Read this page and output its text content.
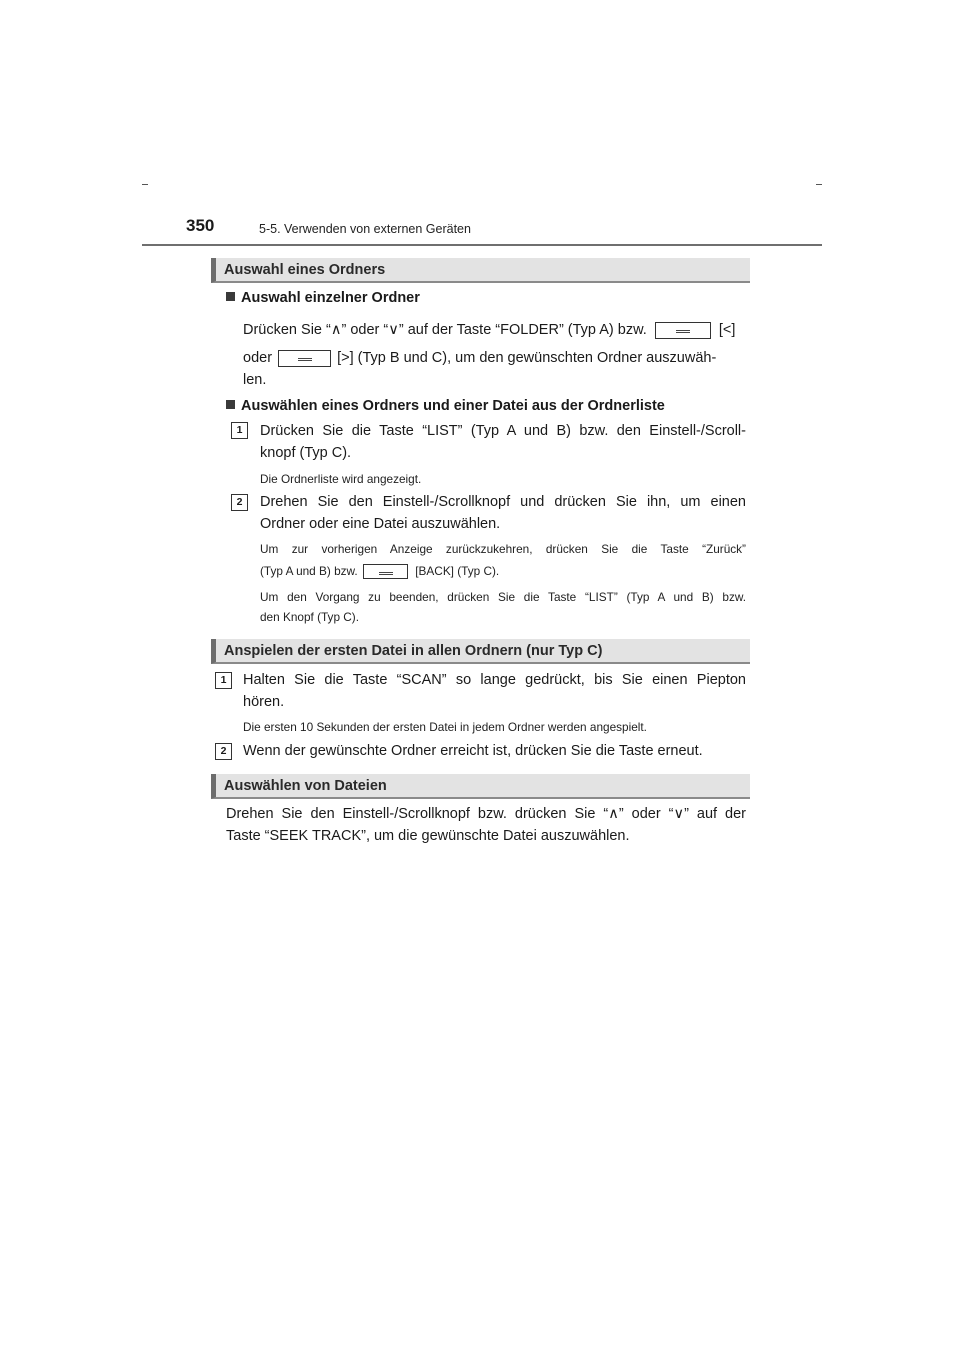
350	5-5. Verwenden von externen Geräten
Auswahl eines Ordners
Auswahl einzelner Ordner
Drücken Sie “∧” oder “∨” auf der Taste “FOLDER” (Typ A) bzw.	[<]
oder	[>] (Typ B und C), um den gewünschten Ordner auszuwäh-
len.
Auswählen eines Ordners und einer Datei aus der Ordnerliste
1	Drücken Sie die Taste “LIST” (Typ A und B) bzw. den Einstell-/Scroll-
knopf (Typ C).
Die Ordnerliste wird angezeigt.
2	Drehen Sie den Einstell-/Scrollknopf und drücken Sie ihn, um einen
Ordner oder eine Datei auszuwählen.
Um zur vorherigen Anzeige zurückzukehren, drücken Sie die Taste “Zurück”
(Typ A und B) bzw.	[BACK] (Typ C).
Um den Vorgang zu beenden, drücken Sie die Taste “LIST” (Typ A und B) bzw.
den Knopf (Typ C).
Anspielen der ersten Datei in allen Ordnern (nur Typ C)
1	Halten Sie die Taste “SCAN” so lange gedrückt, bis Sie einen Piepton
hören.
Die ersten 10 Sekunden der ersten Datei in jedem Ordner werden angespielt.
2	Wenn der gewünschte Ordner erreicht ist, drücken Sie die Taste erneut.
Auswählen von Dateien
Drehen Sie den Einstell-/Scrollknopf bzw. drücken Sie “∧” oder “∨” auf der
Taste “SEEK TRACK”, um die gewünschte Datei auszuwählen.
